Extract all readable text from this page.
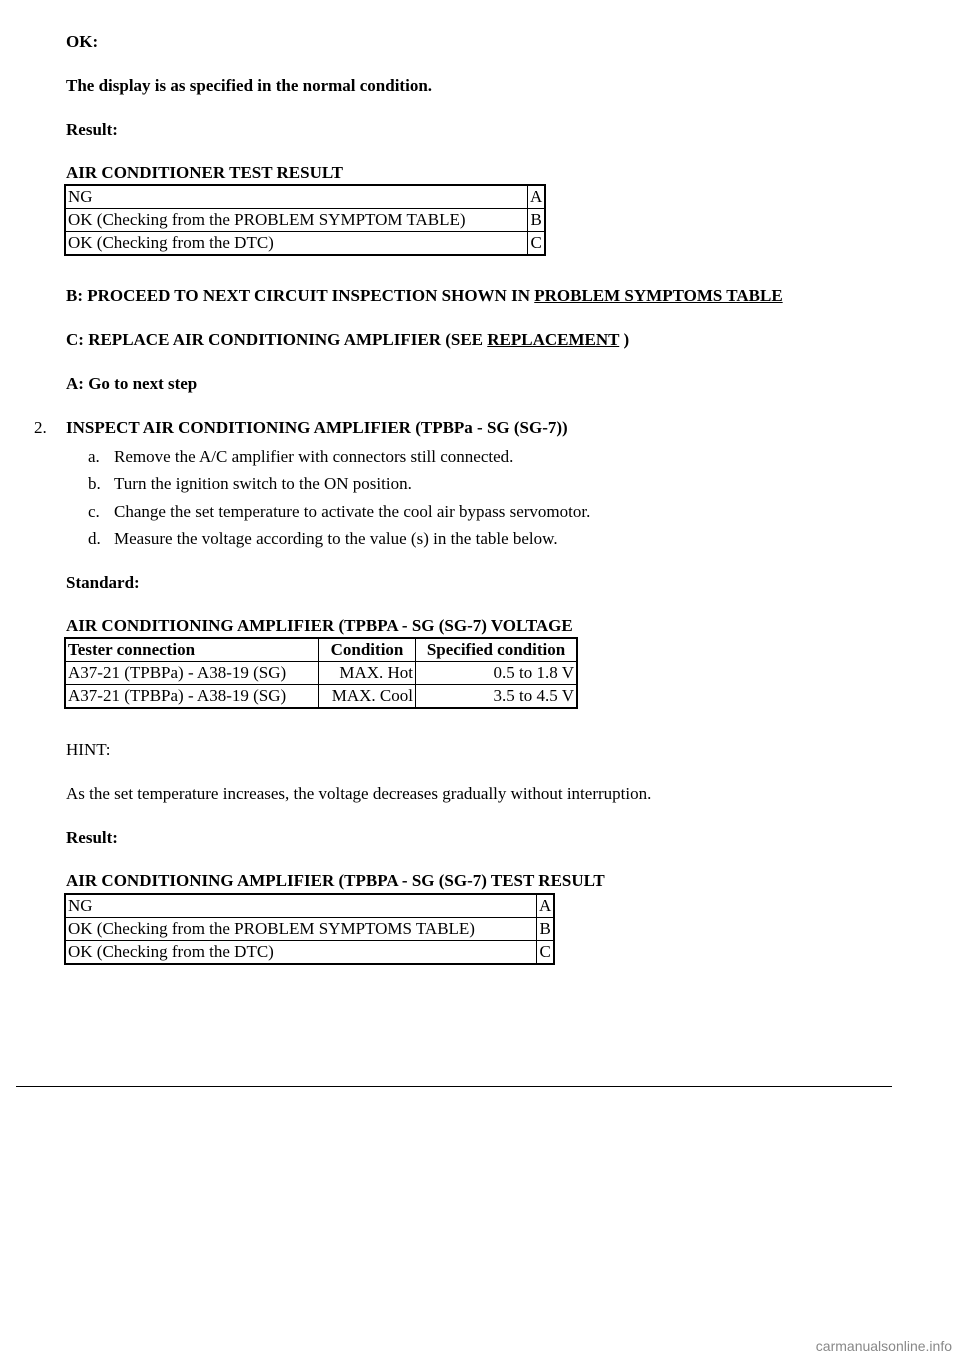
OK:

The display is as specified in the normal condition.

Result:

AIR CONDITIONER TEST RESULT

NG	A
OK (Checking from the PROBLEM SYMPTOM TABLE)	B
OK (Checking from the DTC)	C

B: PROCEED TO NEXT CIRCUIT INSPECTION SHOWN IN PROBLEM SYMPTOMS TABLE

C: REPLACE AIR CONDITIONING AMPLIFIER (SEE REPLACEMENT )

A: Go to next step

2. INSPECT AIR CONDITIONING AMPLIFIER (TPBPa - SG (SG-7))

a. Remove the A/C amplifier with connectors still connected.
b. Turn the ignition switch to the ON position.
c. Change the set temperature to activate the cool air bypass servomotor.
d. Measure the voltage according to the value (s) in the table below.

Standard:

AIR CONDITIONING AMPLIFIER (TPBPA - SG (SG-7) VOLTAGE

Tester connection	Condition	Specified condition
A37-21 (TPBPa) - A38-19 (SG)	MAX. Hot	0.5 to 1.8 V
A37-21 (TPBPa) - A38-19 (SG)	MAX. Cool	3.5 to 4.5 V

HINT:

As the set temperature increases, the voltage decreases gradually without interruption.

Result:

AIR CONDITIONING AMPLIFIER (TPBPA - SG (SG-7) TEST RESULT

NG	A
OK (Checking from the PROBLEM SYMPTOMS TABLE)	B
OK (Checking from the DTC)	C
carmanualsonline.info
